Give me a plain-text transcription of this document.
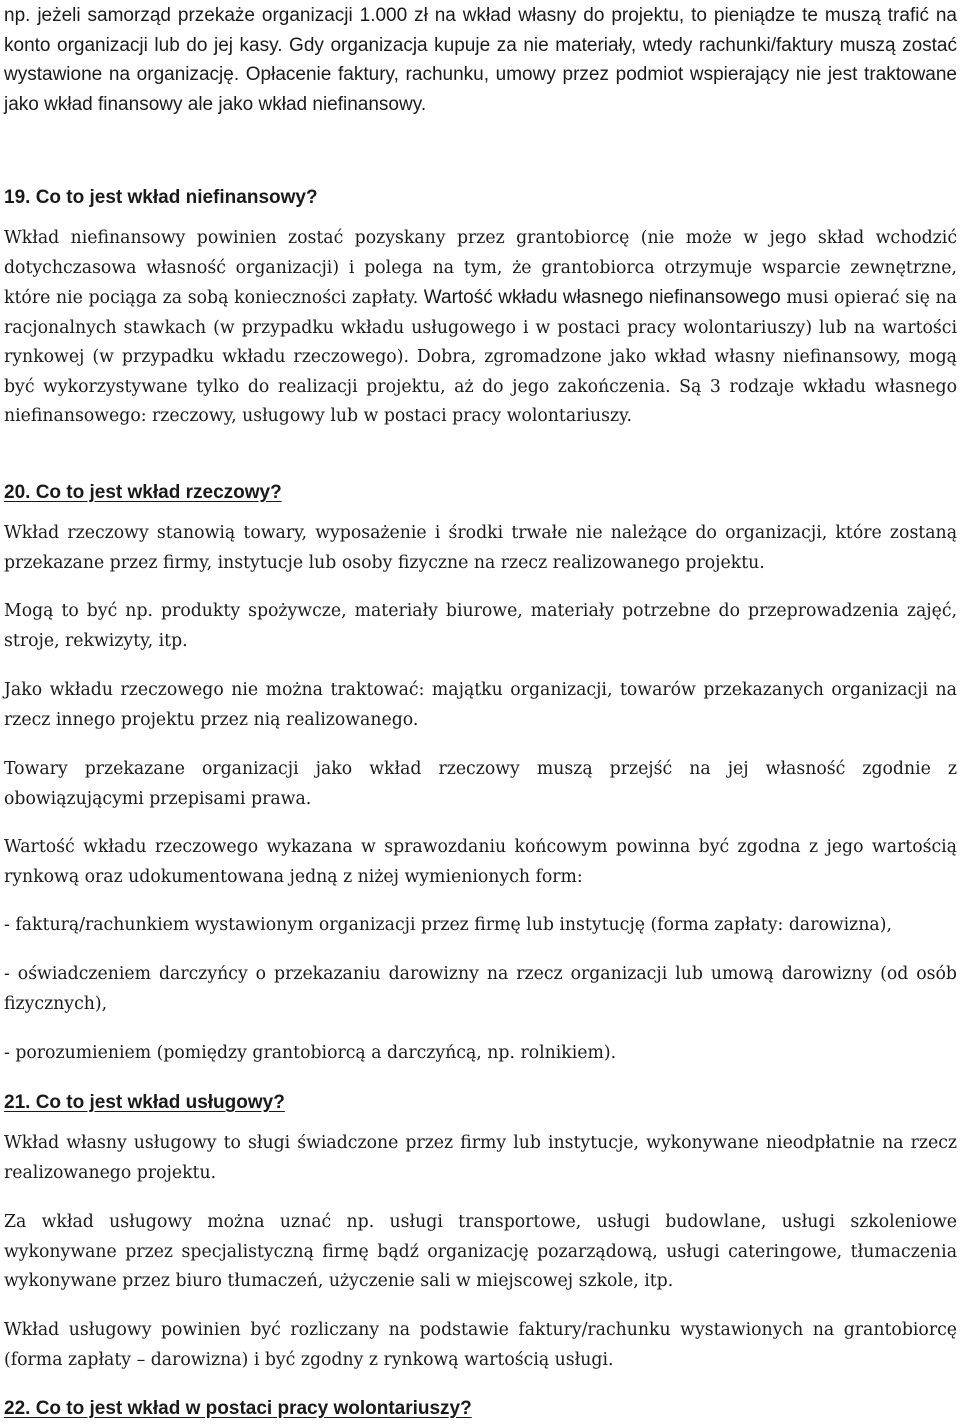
np. jeżeli samorząd przekaże organizacji 1.000 zł na wkład własny do projektu, to pieniądze te muszą trafić na konto organizacji lub do jej kasy. Gdy organizacja kupuje za nie materiały, wtedy rachunki/faktury muszą zostać wystawione na organizację. Opłacenie faktury, rachunku, umowy przez podmiot wspierający nie jest traktowane jako wkład finansowy ale jako wkład niefinansowy.

19. Co to jest wkład niefinansowy?

Wkład niefinansowy powinien zostać pozyskany przez grantobiorcę (nie może w jego skład wchodzić dotychczasowa własność organizacji) i polega na tym, że grantobiorca otrzymuje wsparcie zewnętrzne, które nie pociąga za sobą konieczności zapłaty. Wartość wkładu własnego niefinansowego musi opierać się na racjonalnych stawkach (w przypadku wkładu usługowego i w postaci pracy wolontariuszy) lub na wartości rynkowej (w przypadku wkładu rzeczowego). Dobra, zgromadzone jako wkład własny niefinansowy, mogą być wykorzystywane tylko do realizacji projektu, aż do jego zakończenia. Są 3 rodzaje wkładu własnego niefinansowego: rzeczowy, usługowy lub w postaci pracy wolontariuszy.

20. Co to jest wkład rzeczowy?

Wkład rzeczowy stanowią towary, wyposażenie i środki trwałe nie należące do organizacji, które zostaną przekazane przez firmy, instytucje lub osoby fizyczne na rzecz realizowanego projektu.

Mogą to być np. produkty spożywcze, materiały biurowe, materiały potrzebne do przeprowadzenia zajęć, stroje, rekwizyty, itp.

Jako wkładu rzeczowego nie można traktować: majątku organizacji, towarów przekazanych organizacji na rzecz innego projektu przez nią realizowanego.

Towary przekazane organizacji jako wkład rzeczowy muszą przejść na jej własność zgodnie z obowiązującymi przepisami prawa.

Wartość wkładu rzeczowego wykazana w sprawozdaniu końcowym powinna być zgodna z jego wartością rynkową oraz udokumentowana jedną z niżej wymienionych form:

- fakturą/rachunkiem wystawionym organizacji przez firmę lub instytucję (forma zapłaty: darowizna),

- oświadczeniem darczyńcy o przekazaniu darowizny na rzecz organizacji lub umową darowizny (od osób fizycznych),

- porozumieniem (pomiędzy grantobiorcą a darczyńcą, np. rolnikiem).

21. Co to jest wkład usługowy?

Wkład własny usługowy to sługi świadczone przez firmy lub instytucje, wykonywane nieodpłatnie na rzecz realizowanego projektu.

Za wkład usługowy można uznać np. usługi transportowe, usługi budowlane, usługi szkoleniowe wykonywane przez specjalistyczną firmę bądź organizację pozarządową, usługi cateringowe, tłumaczenia wykonywane przez biuro tłumaczeń, użyczenie sali w miejscowej szkole, itp.

Wkład usługowy powinien być rozliczany na podstawie faktury/rachunku wystawionych na grantobiorcę (forma zapłaty – darowizna) i być zgodny z rynkową wartością usługi.

22. Co to jest wkład w postaci pracy wolontariuszy?
